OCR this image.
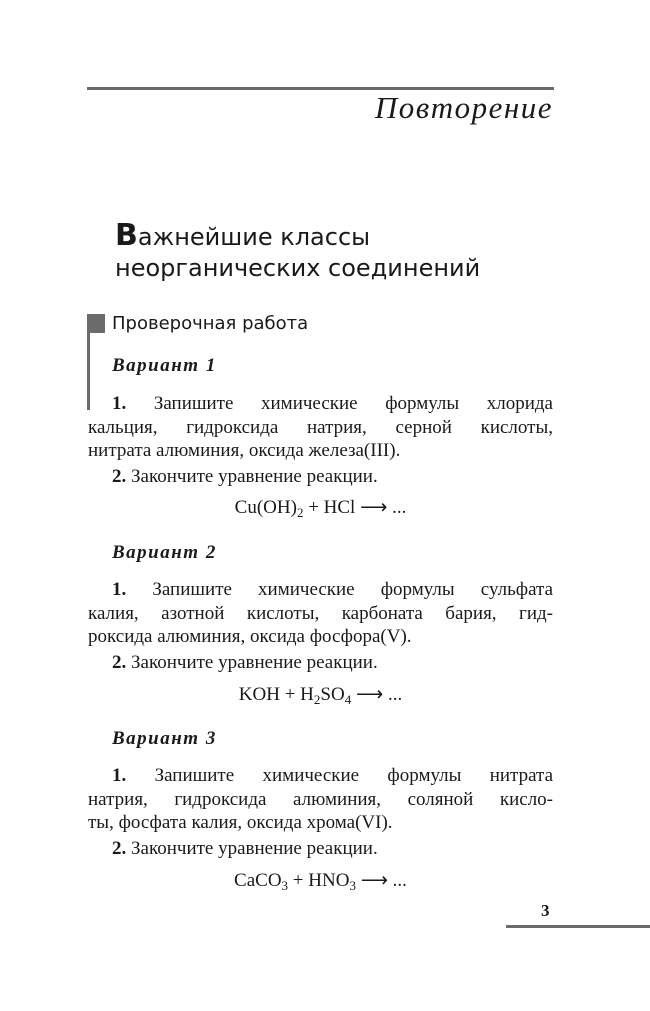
Повторение
Важнейшие классы
неорганических соединений
Проверочная работа
Вариант 1
1. Запишите химические формулы хлорида
кальция, гидроксида натрия, серной кислоты,
нитрата алюминия, оксида железа(III).
2. Закончите уравнение реакции.
$Cu(OH)_2$ + HCl ⟶ ...
Вариант 2
1. Запишите химические формулы сульфата
калия, азотной кислоты, карбоната бария, гид-
роксида алюминия, оксида фосфора(V).
2. Закончите уравнение реакции.
KOH + $H_2SO_4$ ⟶ ...
Вариант 3
1. Запишите химические формулы нитрата
натрия, гидроксида алюминия, соляной кисло-
ты, фосфата калия, оксида хрома(VI).
2. Закончите уравнение реакции.
CaCO$_3$ + $HNO_3$ ⟶ ...
3
